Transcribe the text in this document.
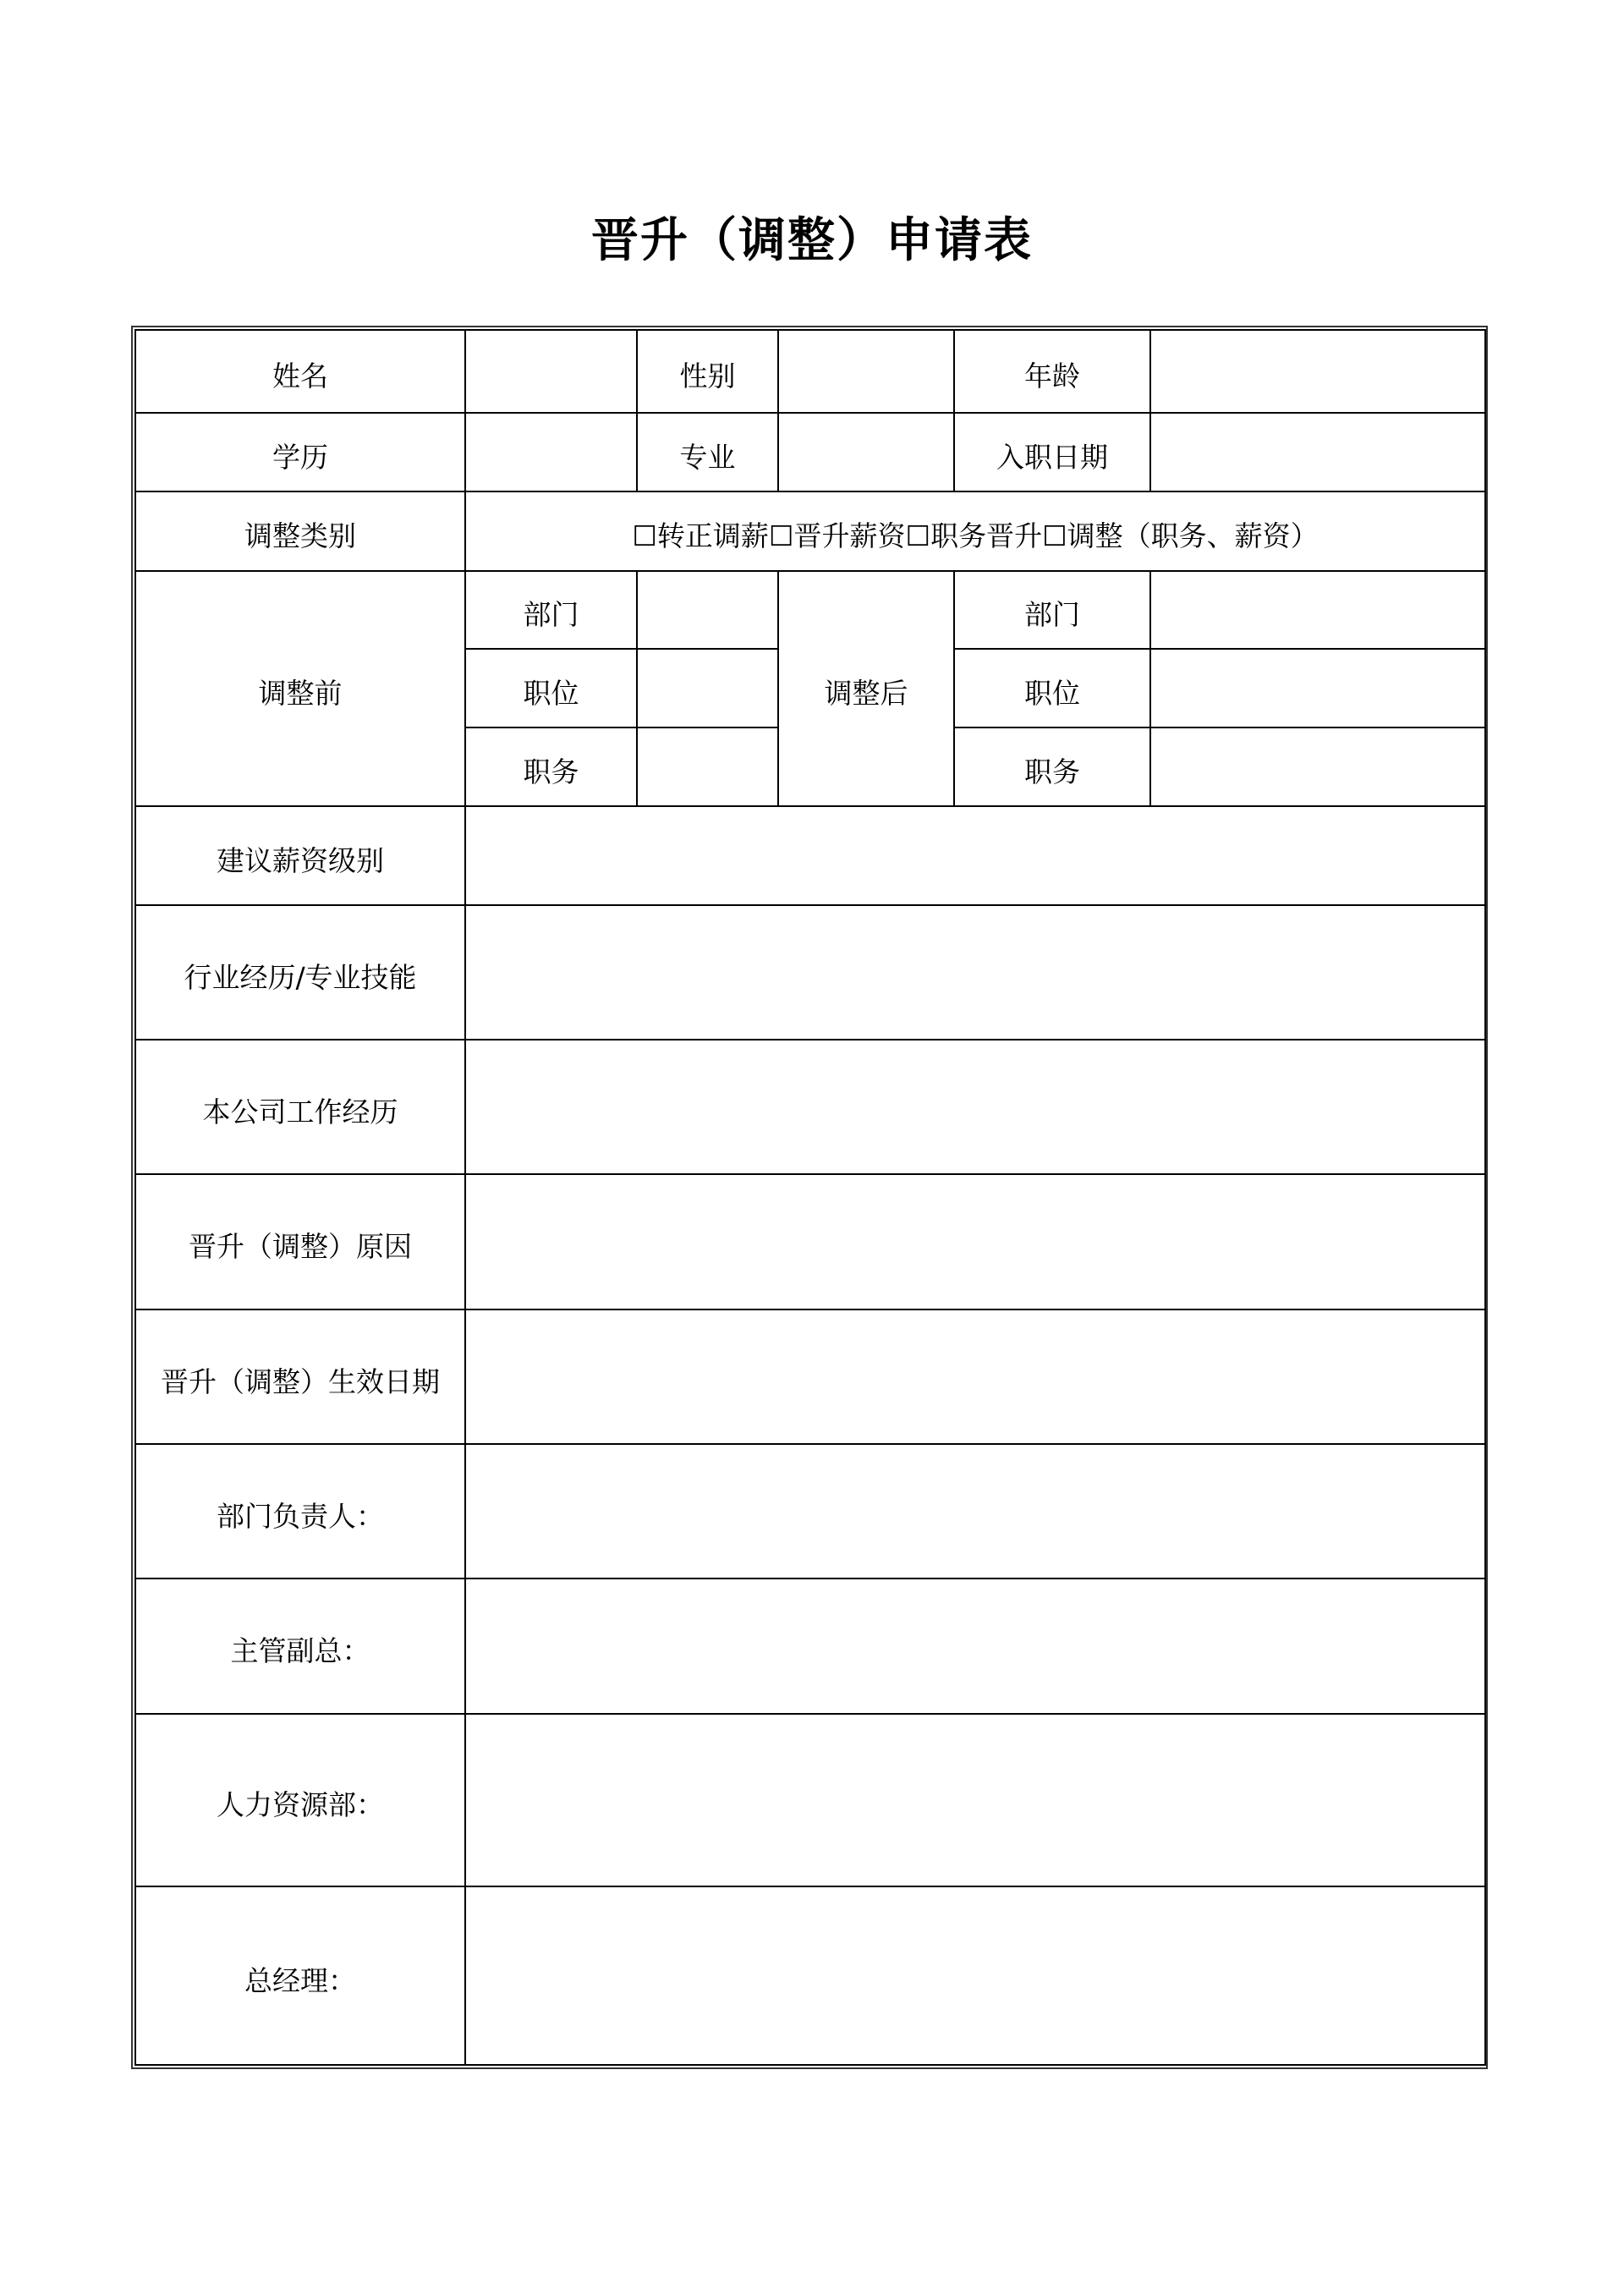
晋升（调整）申请表
姓名		性别		年龄	
学历		专业		入职日期	
调整类别	☐转正调薪☐晋升薪资☐职务晋升☐调整（职务、薪资）				
调整前	部门		调整后	部门	
	职位			职位	
	职务			职务	
建议薪资级别					
行业经历/专业技能					
本公司工作经历					
晋升（调整）原因					
晋升（调整）生效日期					
部门负责人：					
主管副总：					
人力资源部：					
总经理：					
